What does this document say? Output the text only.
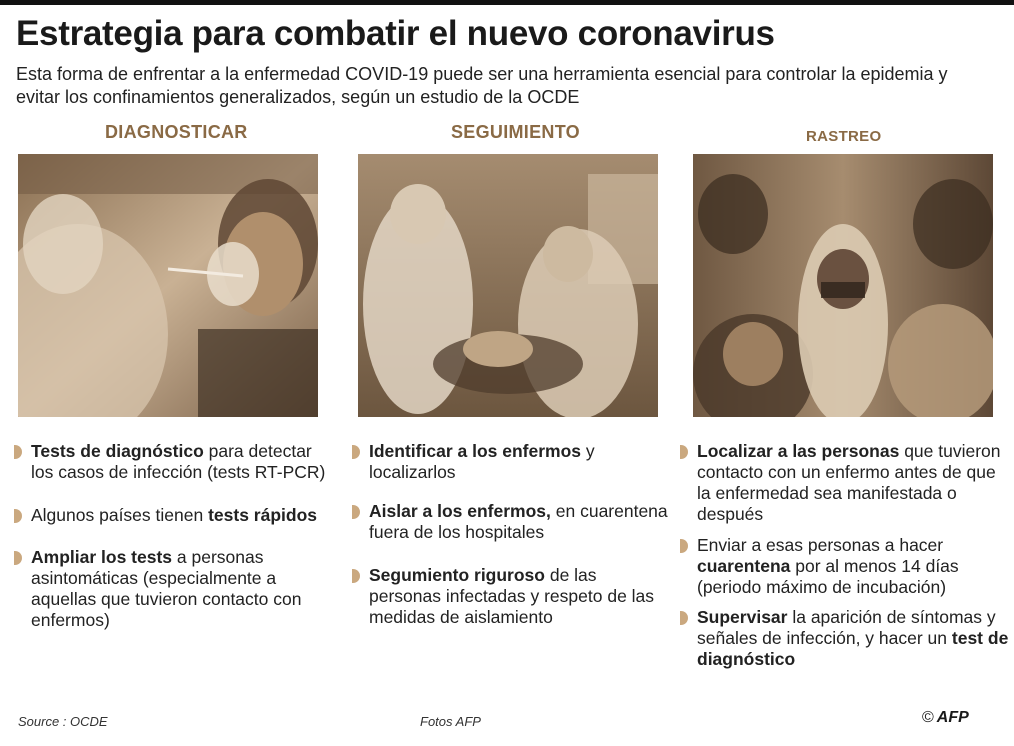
Estrategia para combatir el nuevo coronavirus

Esta forma de enfrentar a la enfermedad COVID-19 puede ser una herramienta esencial para controlar la epidemia y evitar los confinamientos generalizados, según un estudio de la OCDE

DIAGNOSTICAR	SEGUIMIENTO	RASTREO
Tests de diagnóstico para detectar los casos de infección (tests RT-PCR)
Algunos países tienen tests rápidos
Ampliar los tests a personas asintomáticas (especialmente a aquellas que tuvieron contacto con enfermos)
Identificar a los enfermos y localizarlos
Aislar a los enfermos, en cuarentena fuera de los hospitales
Segumiento riguroso de las personas infectadas y respeto de las medidas de aislamiento
Localizar a las personas que tuvieron contacto con un enfermo antes de que la enfermedad sea manifestada o después
Enviar a esas personas a hacer cuarentena por al menos 14 días (periodo máximo de incubación)
Supervisar la aparición de síntomas y señales de infección, y hacer un test de diagnóstico
Source : OCDE	Fotos AFP	© AFP
